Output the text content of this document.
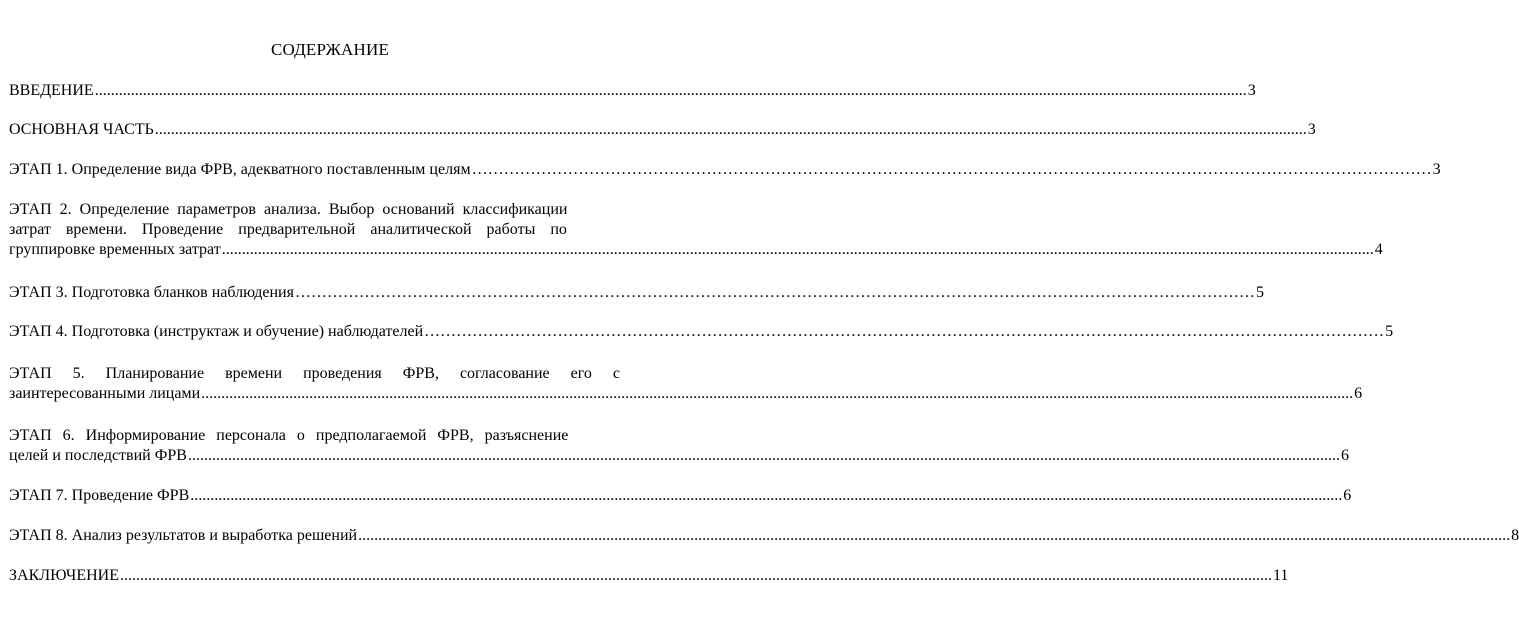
СОДЕРЖАНИЕ
ВВЕДЕНИЕ .....	3
ОСНОВНАЯ ЧАСТЬ .....	3
ЭТАП 1. Определение вида ФРВ, адекватного поставленным целям ………………………………………………………………………………………………………………………………………………………………	3
ЭТАП 2. Определение параметров анализа. Выбор оснований классификации
затрат времени. Проведение предварительной аналитической работы по
группировке временных затрат .....	4
ЭТАП 3. Подготовка бланков наблюдения ………………………………………………………………………………………………………………………………………………………………	5
ЭТАП 4. Подготовка (инструктаж и обучение) наблюдателей ………………………………………………………………………………………………………………………………………………………………	5
ЭТАП 5. Планирование времени проведения ФРВ, согласование его с
заинтересованными лицами .....	6
ЭТАП 6. Информирование персонала о предполагаемой ФРВ, разъяснение
целей и последствий ФРВ .....	6
ЭТАП 7. Проведение ФРВ .....	6
ЭТАП 8. Анализ результатов и выработка решений .....	8
ЗАКЛЮЧЕНИЕ .....	11
